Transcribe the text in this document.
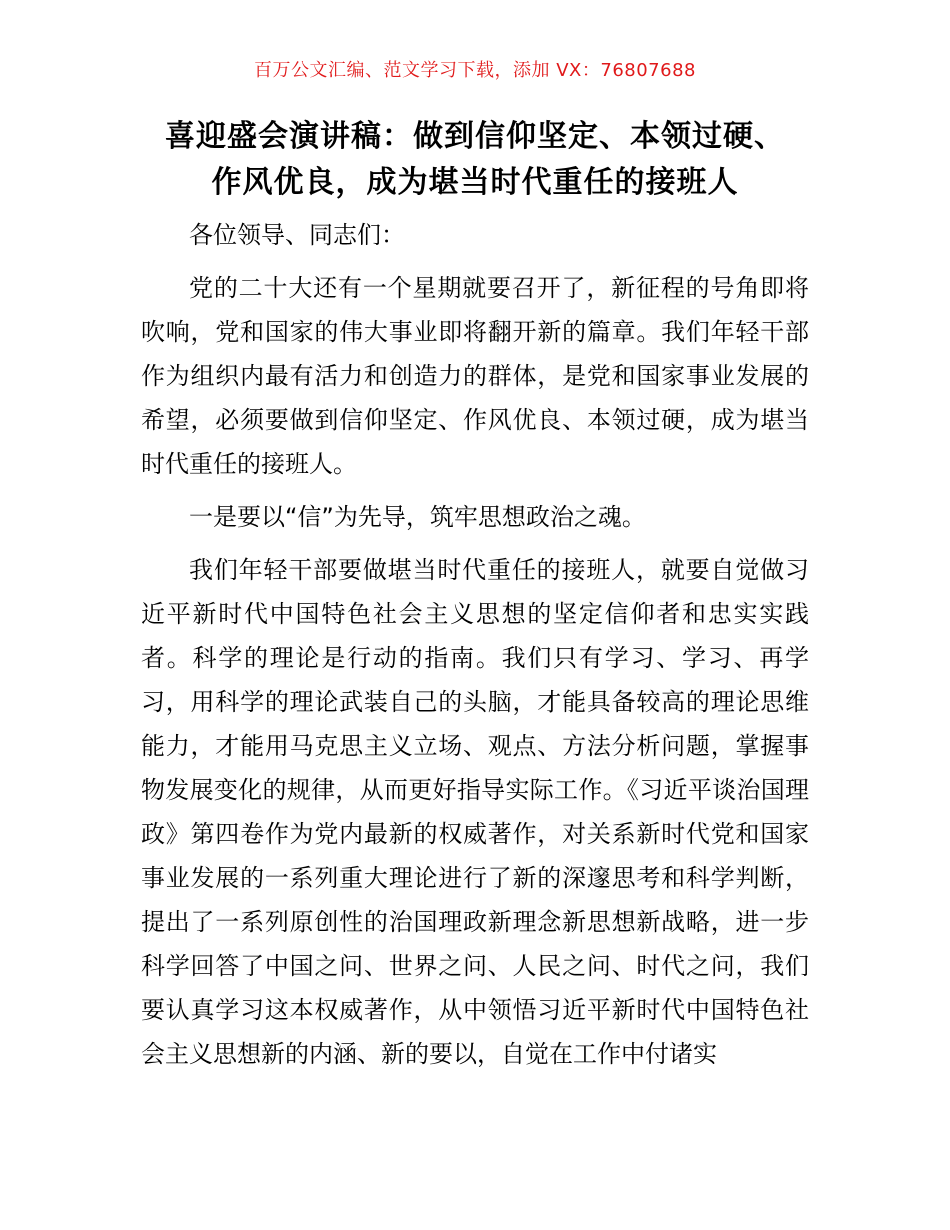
百万公文汇编、范文学习下载，添加 VX：76807688
喜迎盛会演讲稿：做到信仰坚定、本领过硬、
作风优良，成为堪当时代重任的接班人

各位领导、同志们：

党的二十大还有一个星期就要召开了，新征程的号角即将吹响，党和国家的伟大事业即将翻开新的篇章。我们年轻干部作为组织内最有活力和创造力的群体，是党和国家事业发展的希望，必须要做到信仰坚定、作风优良、本领过硬，成为堪当时代重任的接班人。

一是要以“信”为先导，筑牢思想政治之魂。

我们年轻干部要做堪当时代重任的接班人，就要自觉做习近平新时代中国特色社会主义思想的坚定信仰者和忠实实践者。科学的理论是行动的指南。我们只有学习、学习、再学习，用科学的理论武装自己的头脑，才能具备较高的理论思维能力，才能用马克思主义立场、观点、方法分析问题，掌握事物发展变化的规律，从而更好指导实际工作。《习近平谈治国理政》第四卷作为党内最新的权威著作，对关系新时代党和国家事业发展的一系列重大理论进行了新的深邃思考和科学判断，提出了一系列原创性的治国理政新理念新思想新战略，进一步科学回答了中国之问、世界之问、人民之问、时代之问，我们要认真学习这本权威著作，从中领悟习近平新时代中国特色社会主义思想新的内涵、新的要以，自觉在工作中付诸实
